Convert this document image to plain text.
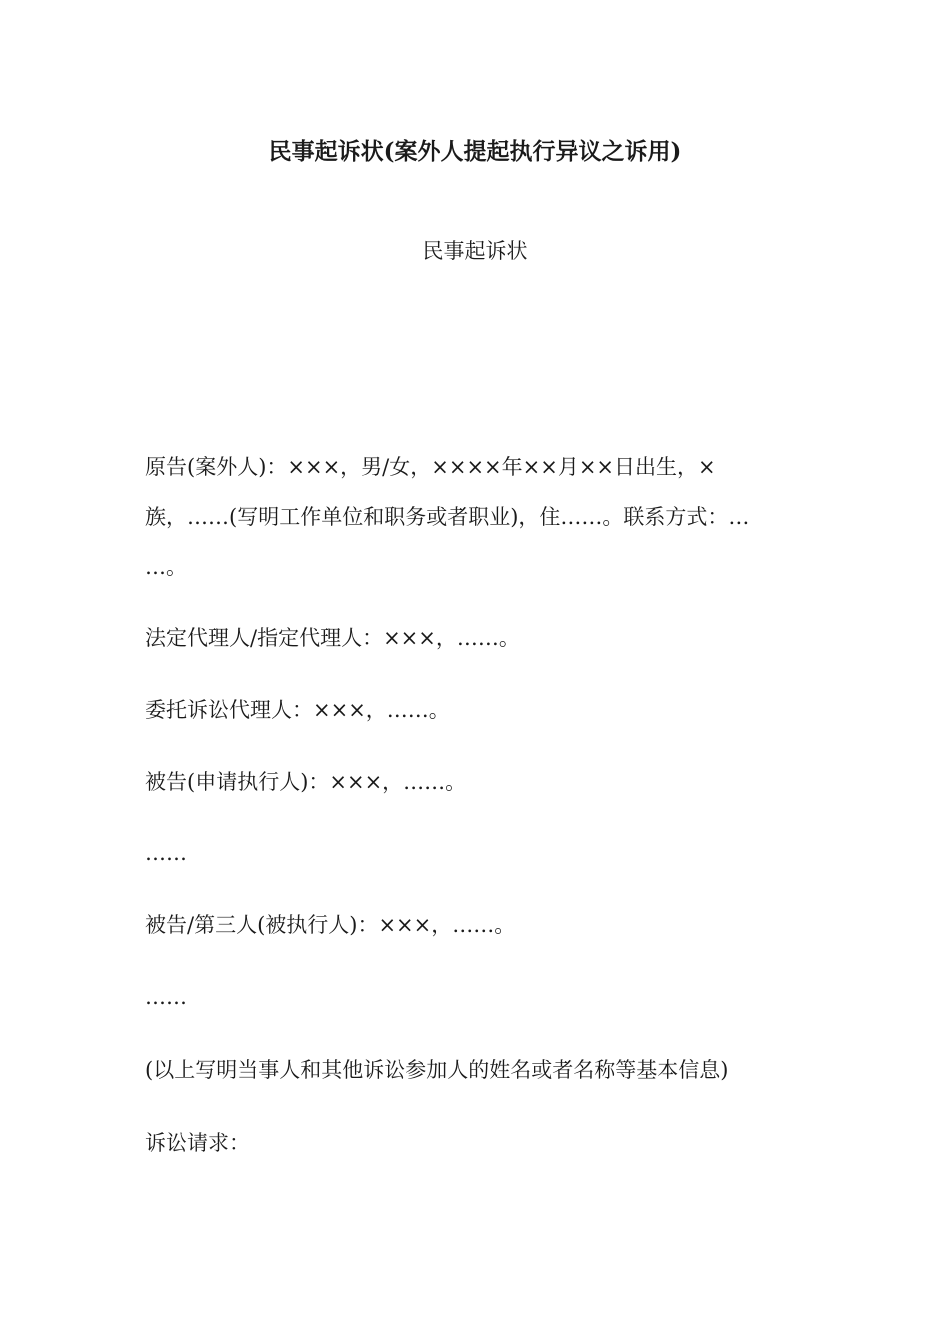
民事起诉状(案外人提起执行异议之诉用)
民事起诉状
原告(案外人)：×××，男/女，××××年××月××日出生，×
族，……(写明工作单位和职务或者职业)，住……。联系方式：…
…。

法定代理人/指定代理人：×××，……。

委托诉讼代理人：×××，……。

被告(申请执行人)：×××，……。

……

被告/第三人(被执行人)：×××，……。

……

(以上写明当事人和其他诉讼参加人的姓名或者名称等基本信息)

诉讼请求：
